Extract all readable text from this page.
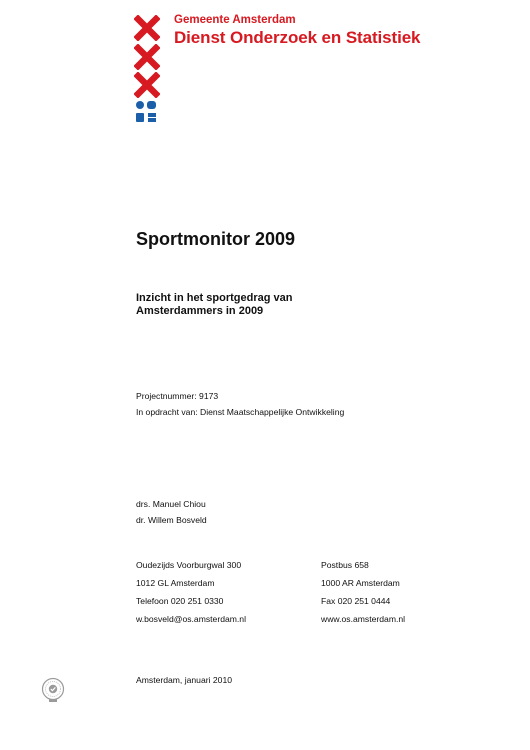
Gemeente Amsterdam
Dienst Onderzoek en Statistiek
Sportmonitor 2009
Inzicht in het sportgedrag van
Amsterdammers in 2009
Projectnummer: 9173
In opdracht van: Dienst Maatschappelijke Ontwikkeling
drs. Manuel Chiou
dr. Willem Bosveld
Oudezijds Voorburgwal 300
1012 GL Amsterdam
Telefoon 020 251 0330
w.bosveld@os.amsterdam.nl
Postbus 658
1000 AR Amsterdam
Fax 020 251 0444
www.os.amsterdam.nl
Amsterdam, januari 2010
